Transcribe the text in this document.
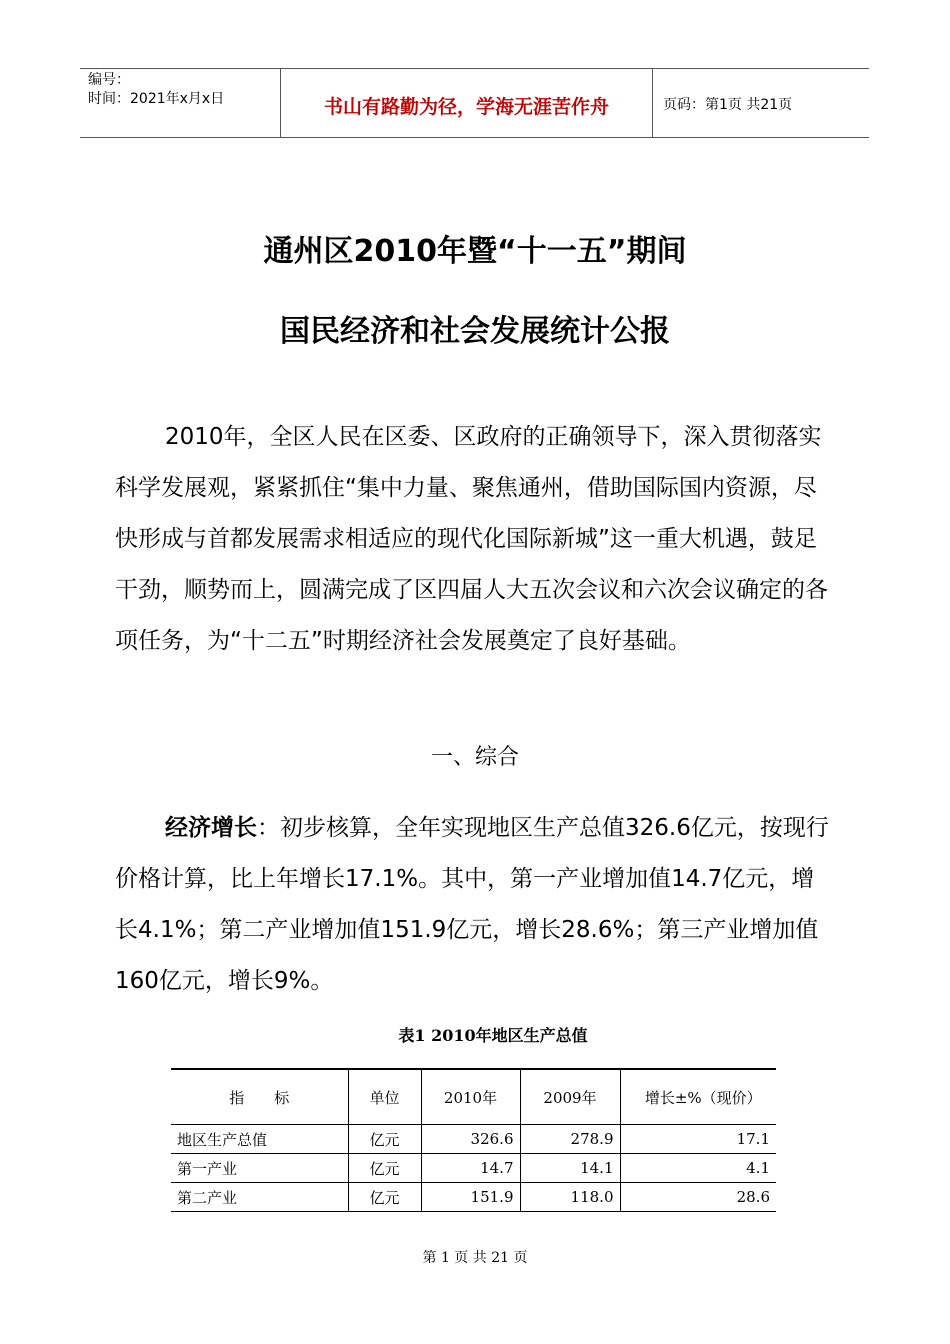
编号：
时间：2021年x月x日	书山有路勤为径，学海无涯苦作舟	页码：第1页 共21页
通州区2010年暨“十一五”期间
国民经济和社会发展统计公报
2010年，全区人民在区委、区政府的正确领导下，深入贯彻落实科学发展观，紧紧抓住“集中力量、聚焦通州，借助国际国内资源，尽快形成与首都发展需求相适应的现代化国际新城”这一重大机遇，鼓足干劲，顺势而上，圆满完成了区四届人大五次会议和六次会议确定的各项任务，为“十二五”时期经济社会发展奠定了良好基础。
一、综合
经济增长：初步核算，全年实现地区生产总值326.6亿元，按现行价格计算，比上年增长17.1%。其中，第一产业增加值14.7亿元，增长4.1%；第二产业增加值151.9亿元，增长28.6%；第三产业增加值160亿元，增长9%。
表1 2010年地区生产总值
指　　标	单位	2010年	2009年	增长±%（现价）
地区生产总值	亿元	326.6	278.9	17.1
第一产业	亿元	14.7	14.1	4.1
第二产业	亿元	151.9	118.0	28.6
第 1 页 共 21 页
